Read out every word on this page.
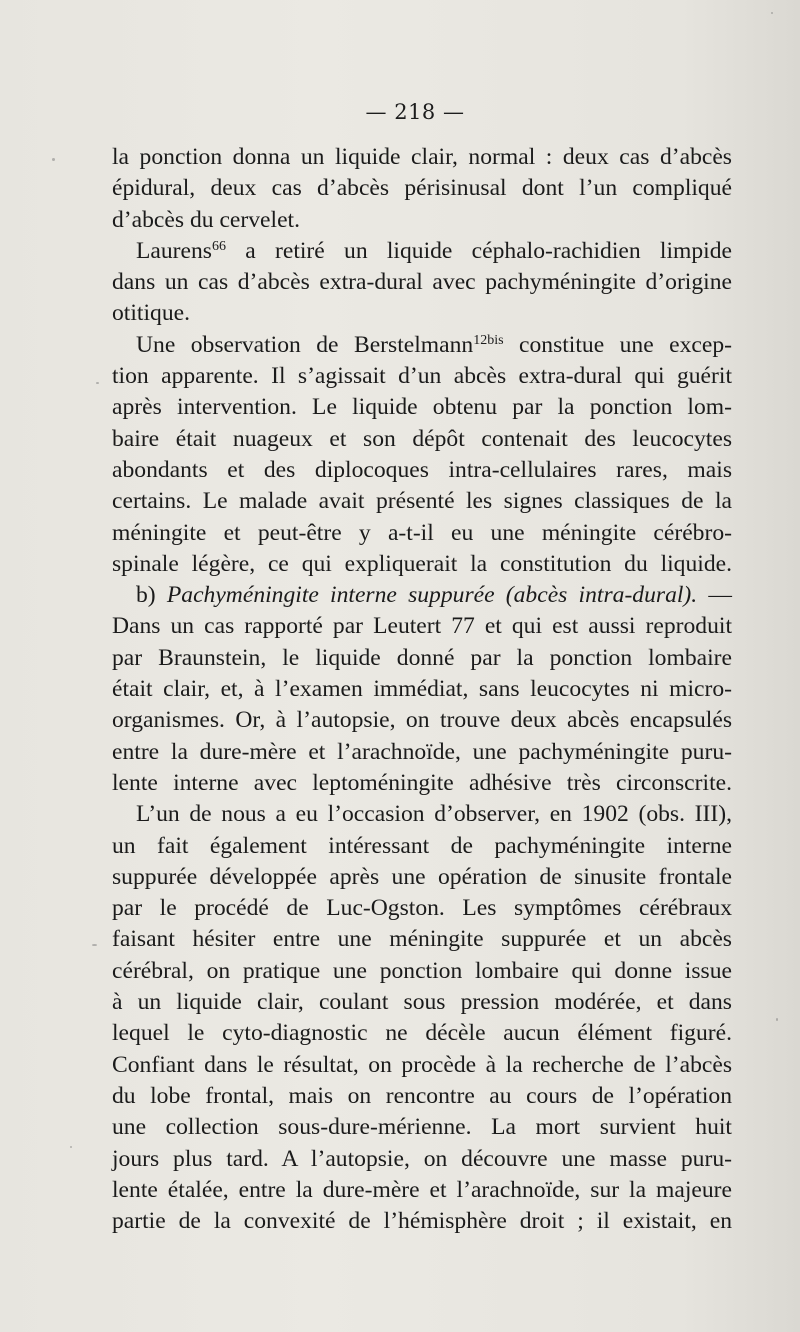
— 218 —
la ponction donna un liquide clair, normal : deux cas d’abcès
épidural, deux cas d’abcès périsinusal dont l’un compliqué
d’abcès du cervelet.
Laurens$^{66}$ a retiré un liquide céphalo-rachidien limpide
dans un cas d’abcès extra-dural avec pachyméningite d’origine
otitique.
Une observation de Berstelmann$^{12bis}$ constitue une excep-
tion apparente. Il s’agissait d’un abcès extra-dural qui guérit
après intervention. Le liquide obtenu par la ponction lom-
baire était nuageux et son dépôt contenait des leucocytes
abondants et des diplocoques intra-cellulaires rares, mais
certains. Le malade avait présenté les signes classiques de la
méningite et peut-être y a-t-il eu une méningite cérébro-
spinale légère, ce qui expliquerait la constitution du liquide.
b) Pachyméningite interne suppurée (abcès intra-dural). —
Dans un cas rapporté par Leutert 77 et qui est aussi reproduit
par Braunstein, le liquide donné par la ponction lombaire
était clair, et, à l’examen immédiat, sans leucocytes ni micro-
organismes. Or, à l’autopsie, on trouve deux abcès encapsulés
entre la dure-mère et l’arachnoïde, une pachyméningite puru-
lente interne avec leptoméningite adhésive très circonscrite.
L’un de nous a eu l’occasion d’observer, en 1902 (obs. III),
un fait également intéressant de pachyméningite interne
suppurée développée après une opération de sinusite frontale
par le procédé de Luc-Ogston. Les symptômes cérébraux
faisant hésiter entre une méningite suppurée et un abcès
cérébral, on pratique une ponction lombaire qui donne issue
à un liquide clair, coulant sous pression modérée, et dans
lequel le cyto-diagnostic ne décèle aucun élément figuré.
Confiant dans le résultat, on procède à la recherche de l’abcès
du lobe frontal, mais on rencontre au cours de l’opération
une collection sous-dure-mérienne. La mort survient huit
jours plus tard. A l’autopsie, on découvre une masse puru-
lente étalée, entre la dure-mère et l’arachnoïde, sur la majeure
partie de la convexité de l’hémisphère droit ; il existait, en
